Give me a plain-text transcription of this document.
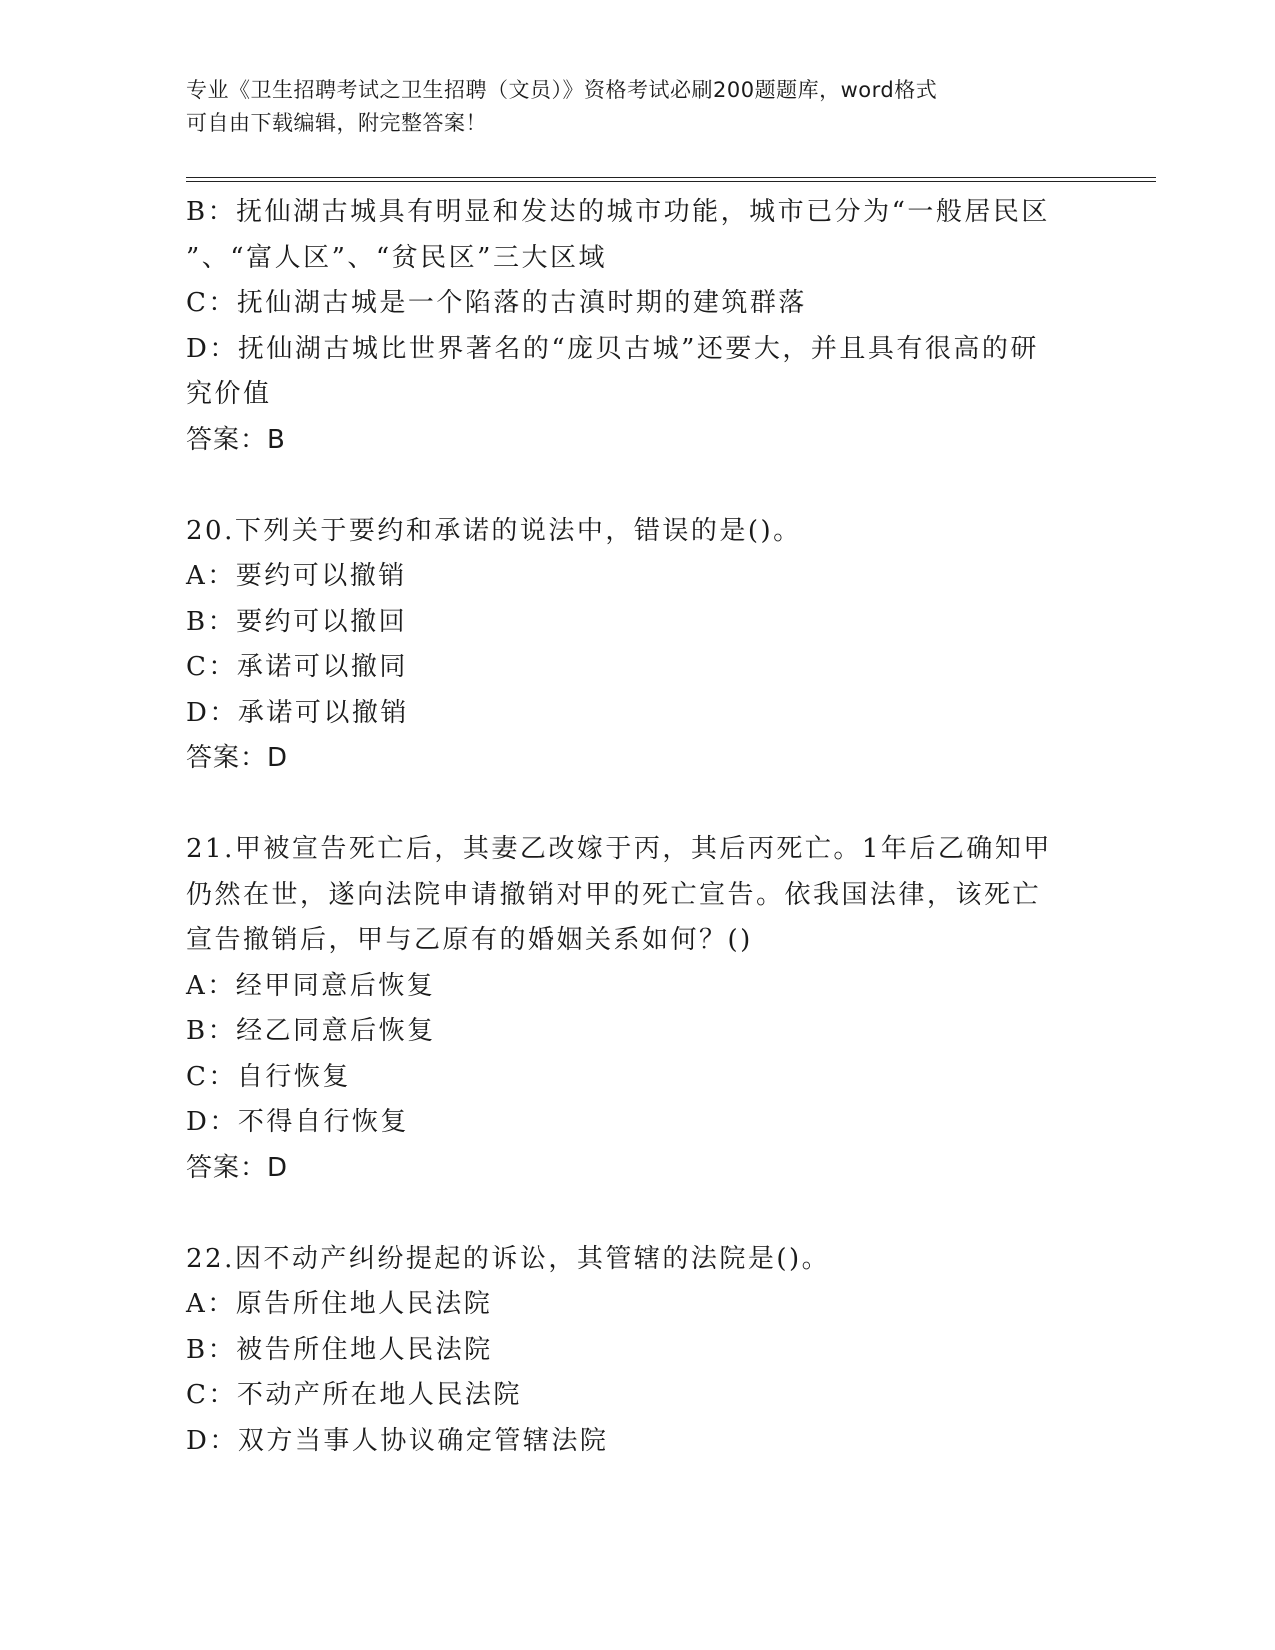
专业《卫生招聘考试之卫生招聘（文员）》资格考试必刷200题题库，word格式
可自由下载编辑，附完整答案！
B：抚仙湖古城具有明显和发达的城市功能，城市已分为“一般居民区
”、“富人区”、“贫民区”三大区域
C：抚仙湖古城是一个陷落的古滇时期的建筑群落
D：抚仙湖古城比世界著名的“庞贝古城”还要大，并且具有很高的研
究价值
答案：B
20.下列关于要约和承诺的说法中，错误的是()。
A：要约可以撤销
B：要约可以撤回
C：承诺可以撤同
D：承诺可以撤销
答案：D
21.甲被宣告死亡后，其妻乙改嫁于丙，其后丙死亡。1年后乙确知甲
仍然在世，遂向法院申请撤销对甲的死亡宣告。依我国法律，该死亡
宣告撤销后，甲与乙原有的婚姻关系如何？()
A：经甲同意后恢复
B：经乙同意后恢复
C：自行恢复
D：不得自行恢复
答案：D
22.因不动产纠纷提起的诉讼，其管辖的法院是()。
A：原告所住地人民法院
B：被告所住地人民法院
C：不动产所在地人民法院
D：双方当事人协议确定管辖法院
